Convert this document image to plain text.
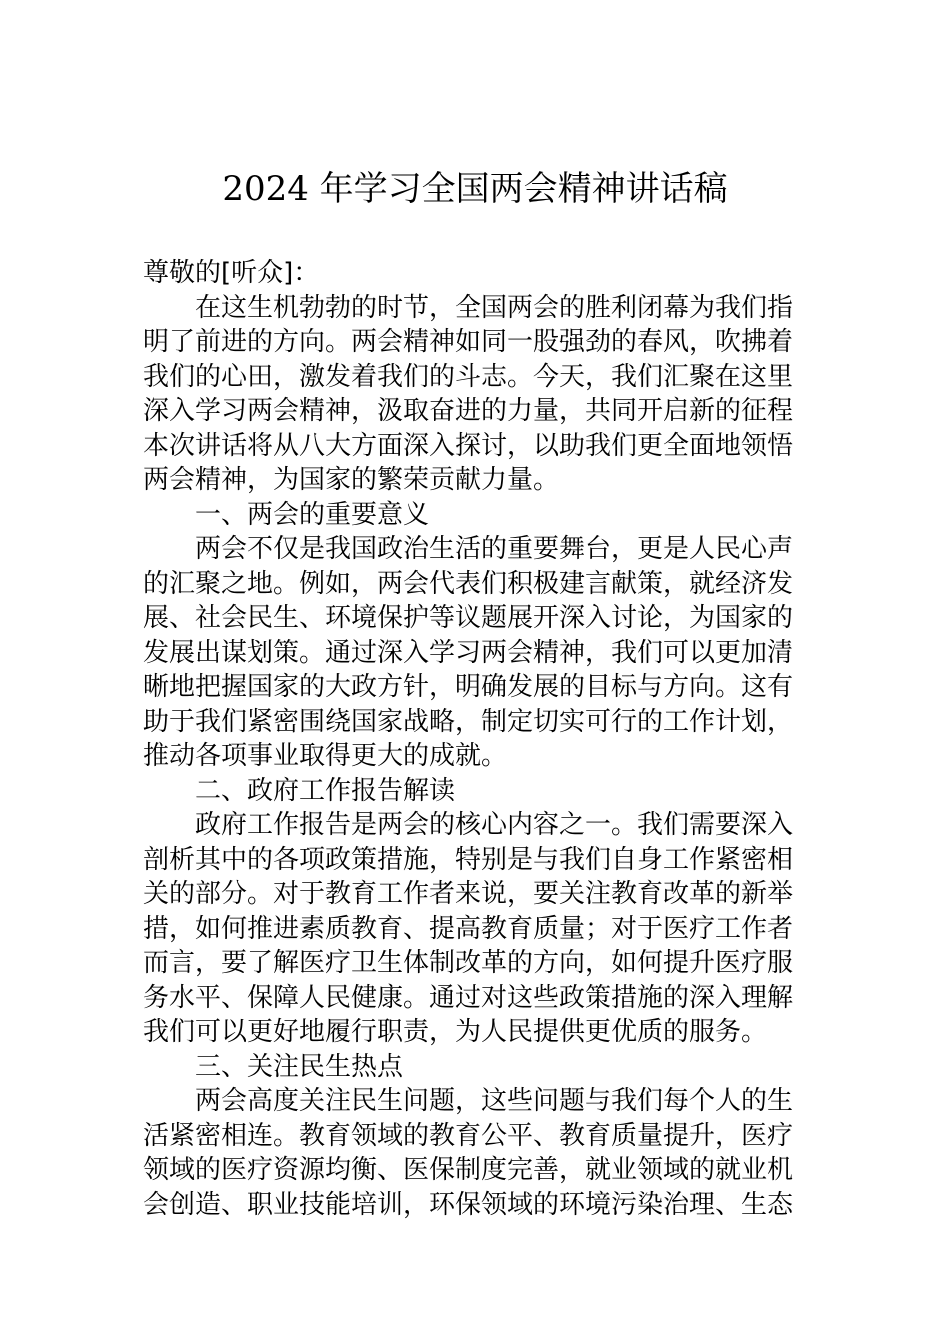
2024 年学习全国两会精神讲话稿
尊敬的[听众]：
在这生机勃勃的时节，全国两会的胜利闭幕为我们指
明了前进的方向。两会精神如同一股强劲的春风，吹拂着
我们的心田，激发着我们的斗志。今天，我们汇聚在这里
深入学习两会精神，汲取奋进的力量，共同开启新的征程
本次讲话将从八大方面深入探讨，以助我们更全面地领悟
两会精神，为国家的繁荣贡献力量。
一、两会的重要意义
两会不仅是我国政治生活的重要舞台，更是人民心声
的汇聚之地。例如，两会代表们积极建言献策，就经济发
展、社会民生、环境保护等议题展开深入讨论，为国家的
发展出谋划策。通过深入学习两会精神，我们可以更加清
晰地把握国家的大政方针，明确发展的目标与方向。这有
助于我们紧密围绕国家战略，制定切实可行的工作计划，
推动各项事业取得更大的成就。
二、政府工作报告解读
政府工作报告是两会的核心内容之一。我们需要深入
剖析其中的各项政策措施，特别是与我们自身工作紧密相
关的部分。对于教育工作者来说，要关注教育改革的新举
措，如何推进素质教育、提高教育质量；对于医疗工作者
而言，要了解医疗卫生体制改革的方向，如何提升医疗服
务水平、保障人民健康。通过对这些政策措施的深入理解
我们可以更好地履行职责，为人民提供更优质的服务。
三、关注民生热点
两会高度关注民生问题，这些问题与我们每个人的生
活紧密相连。教育领域的教育公平、教育质量提升，医疗
领域的医疗资源均衡、医保制度完善，就业领域的就业机
会创造、职业技能培训，环保领域的环境污染治理、生态
